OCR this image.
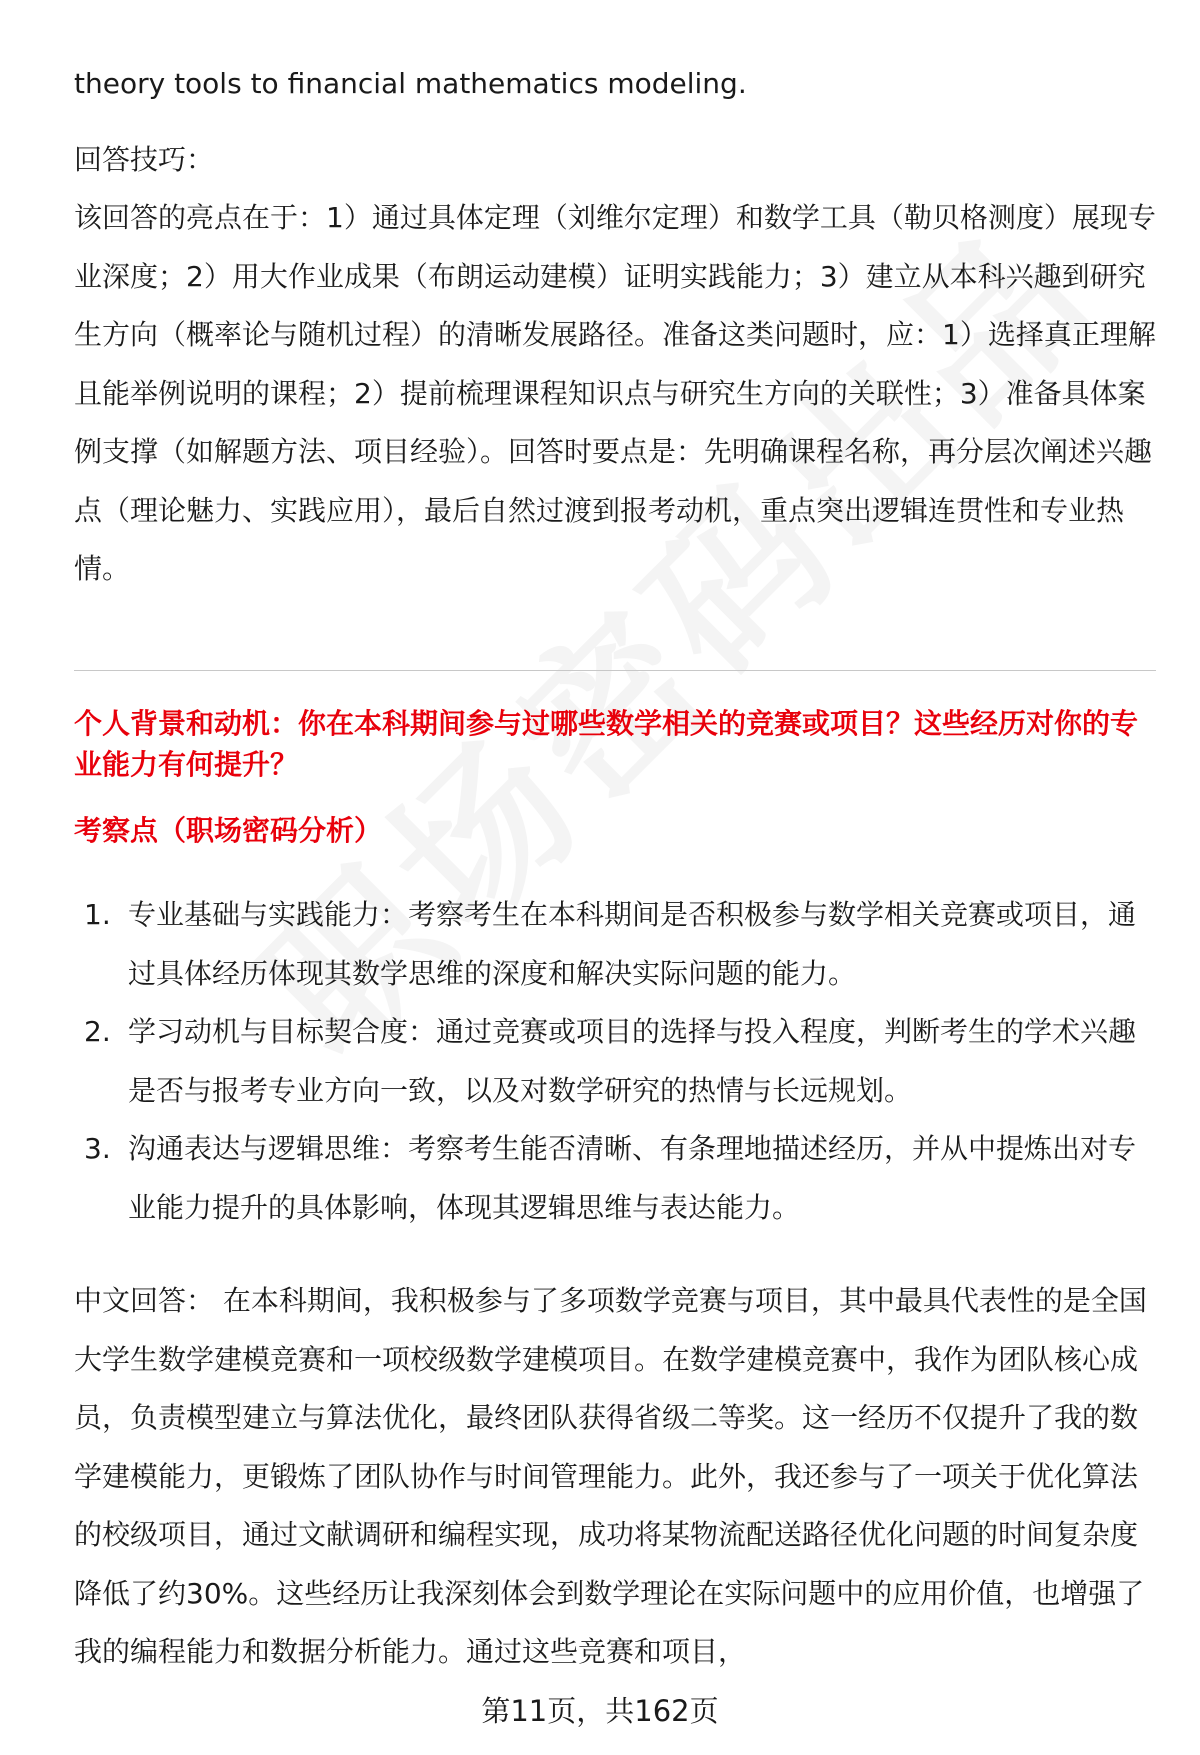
theory tools to financial mathematics modeling.

回答技巧：

该回答的亮点在于：1）通过具体定理（刘维尔定理）和数学工具（勒贝格测度）展现专业深度；2）用大作业成果（布朗运动建模）证明实践能力；3）建立从本科兴趣到研究生方向（概率论与随机过程）的清晰发展路径。准备这类问题时，应：1）选择真正理解且能举例说明的课程；2）提前梳理课程知识点与研究生方向的关联性；3）准备具体案例支撑（如解题方法、项目经验）。回答时要点是：先明确课程名称，再分层次阐述兴趣点（理论魅力、实践应用），最后自然过渡到报考动机，重点突出逻辑连贯性和专业热情。

个人背景和动机：你在本科期间参与过哪些数学相关的竞赛或项目？这些经历对你的专业能力有何提升？

考察点（职场密码分析）

1. 专业基础与实践能力：考察考生在本科期间是否积极参与数学相关竞赛或项目，通过具体经历体现其数学思维的深度和解决实际问题的能力。
2. 学习动机与目标契合度：通过竞赛或项目的选择与投入程度，判断考生的学术兴趣是否与报考专业方向一致，以及对数学研究的热情与长远规划。
3. 沟通表达与逻辑思维：考察考生能否清晰、有条理地描述经历，并从中提炼出对专业能力提升的具体影响，体现其逻辑思维与表达能力。

中文回答： 在本科期间，我积极参与了多项数学竞赛与项目，其中最具代表性的是全国大学生数学建模竞赛和一项校级数学建模项目。在数学建模竞赛中，我作为团队核心成员，负责模型建立与算法优化，最终团队获得省级二等奖。这一经历不仅提升了我的数学建模能力，更锻炼了团队协作与时间管理能力。此外，我还参与了一项关于优化算法的校级项目，通过文献调研和编程实现，成功将某物流配送路径优化问题的时间复杂度降低了约30%。这些经历让我深刻体会到数学理论在实际问题中的应用价值，也增强了我的编程能力和数据分析能力。通过这些竞赛和项目，

第11页，共162页
